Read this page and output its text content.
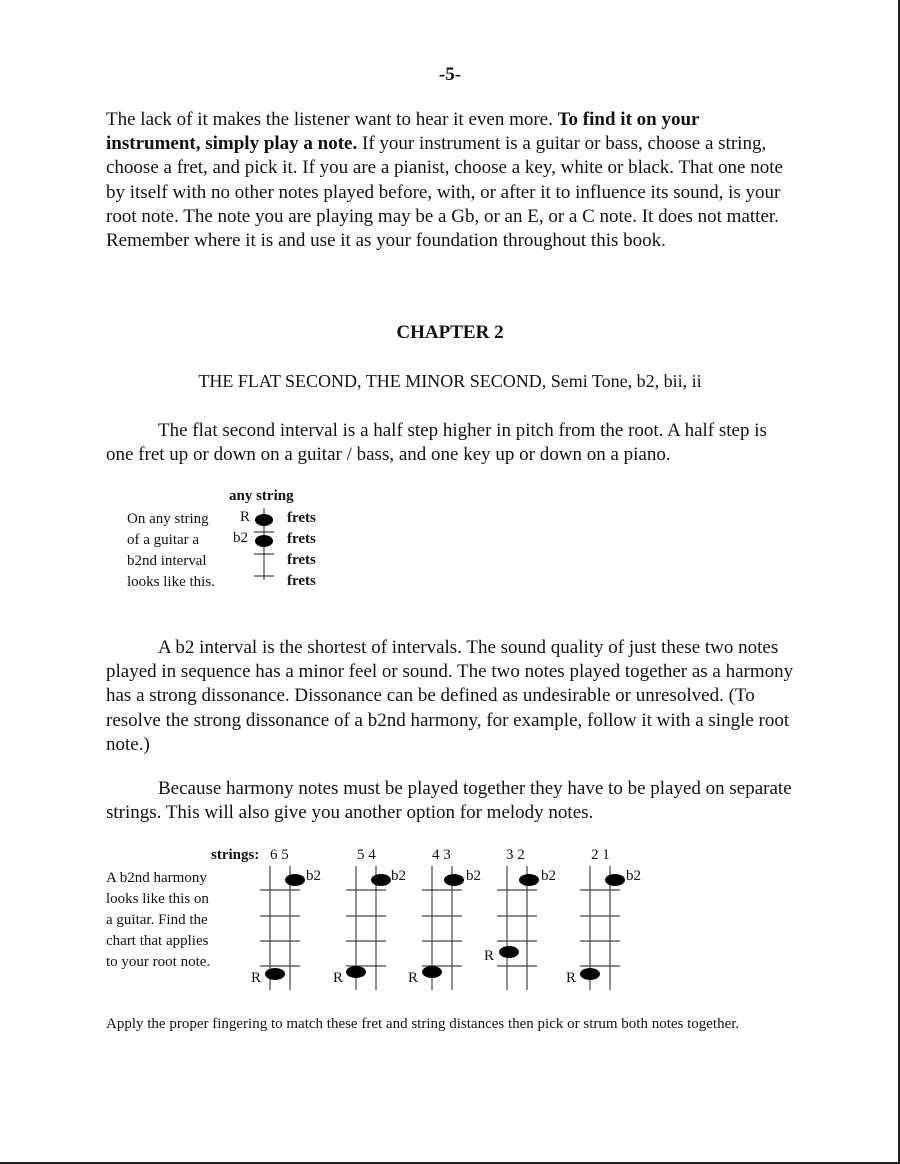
-5-
The lack of it makes the listener want to hear it even more. To find it on your instrument, simply play a note. If your instrument is a guitar or bass, choose a string, choose a fret, and pick it. If you are a pianist, choose a key, white or black. That one note by itself with no other notes played before, with, or after it to influence its sound, is your root note. The note you are playing may be a Gb, or an E, or a C note. It does not matter. Remember where it is and use it as your foundation throughout this book.
CHAPTER 2
THE FLAT SECOND, THE MINOR SECOND, Semi Tone, b2, bii, ii
The flat second interval is a half step higher in pitch from the root. A half step is one fret up or down on a guitar / bass, and one key up or down on a piano.
any string
On any string
of a guitar a
b2nd interval
looks like this.
R
b2
frets
frets
frets
frets
A b2 interval is the shortest of intervals. The sound quality of just these two notes played in sequence has a minor feel or sound. The two notes played together as a harmony has a strong dissonance. Dissonance can be defined as undesirable or unresolved. (To resolve the strong dissonance of a b2nd harmony, for example, follow it with a single root note.)
Because harmony notes must be played together they have to be played on separate strings. This will also give you another option for melody notes.
strings:
A b2nd harmony
looks like this on
a guitar. Find the
chart that applies
to your root note.
6 5
b2
R
5 4
b2
R
4 3
b2
R
3 2
b2
R
2 1
b2
R
Apply the proper fingering to match these fret and string distances then pick or strum both notes together.
